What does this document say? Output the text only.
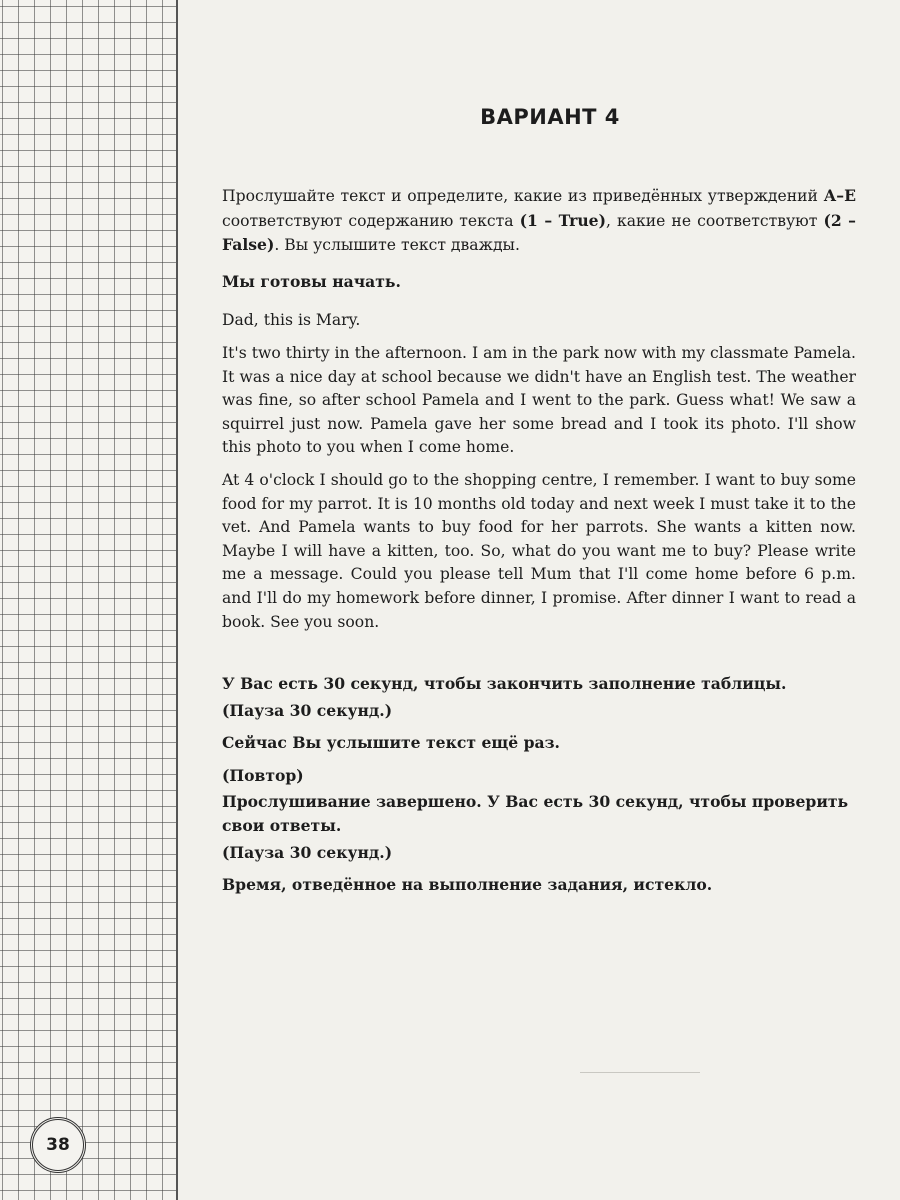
38
ВАРИАНТ 4

Прослушайте текст и определите, какие из приведённых утверждений А–Е соответствуют содержанию текста (1 – True), какие не соответствуют (2 – False). Вы услышите текст дважды.

Мы готовы начать.

Dad, this is Mary.

It's two thirty in the afternoon. I am in the park now with my classmate Pamela. It was a nice day at school because we didn't have an English test. The weather was fine, so after school Pamela and I went to the park. Guess what! We saw a squirrel just now. Pamela gave her some bread and I took its photo. I'll show this photo to you when I come home.

At 4 o'clock I should go to the shopping centre, I remember. I want to buy some food for my parrot. It is 10 months old today and next week I must take it to the vet. And Pamela wants to buy food for her parrots. She wants a kitten now. Maybe I will have a kitten, too. So, what do you want me to buy? Please write me a message. Could you please tell Mum that I'll come home before 6 p.m. and I'll do my homework before dinner, I promise. After dinner I want to read a book. See you soon.

У Вас есть 30 секунд, чтобы закончить заполнение таблицы.

(Пауза 30 секунд.)

Сейчас Вы услышите текст ещё раз.

(Повтор)

Прослушивание завершено. У Вас есть 30 секунд, чтобы проверить свои ответы.

(Пауза 30 секунд.)

Время, отведённое на выполнение задания, истекло.
